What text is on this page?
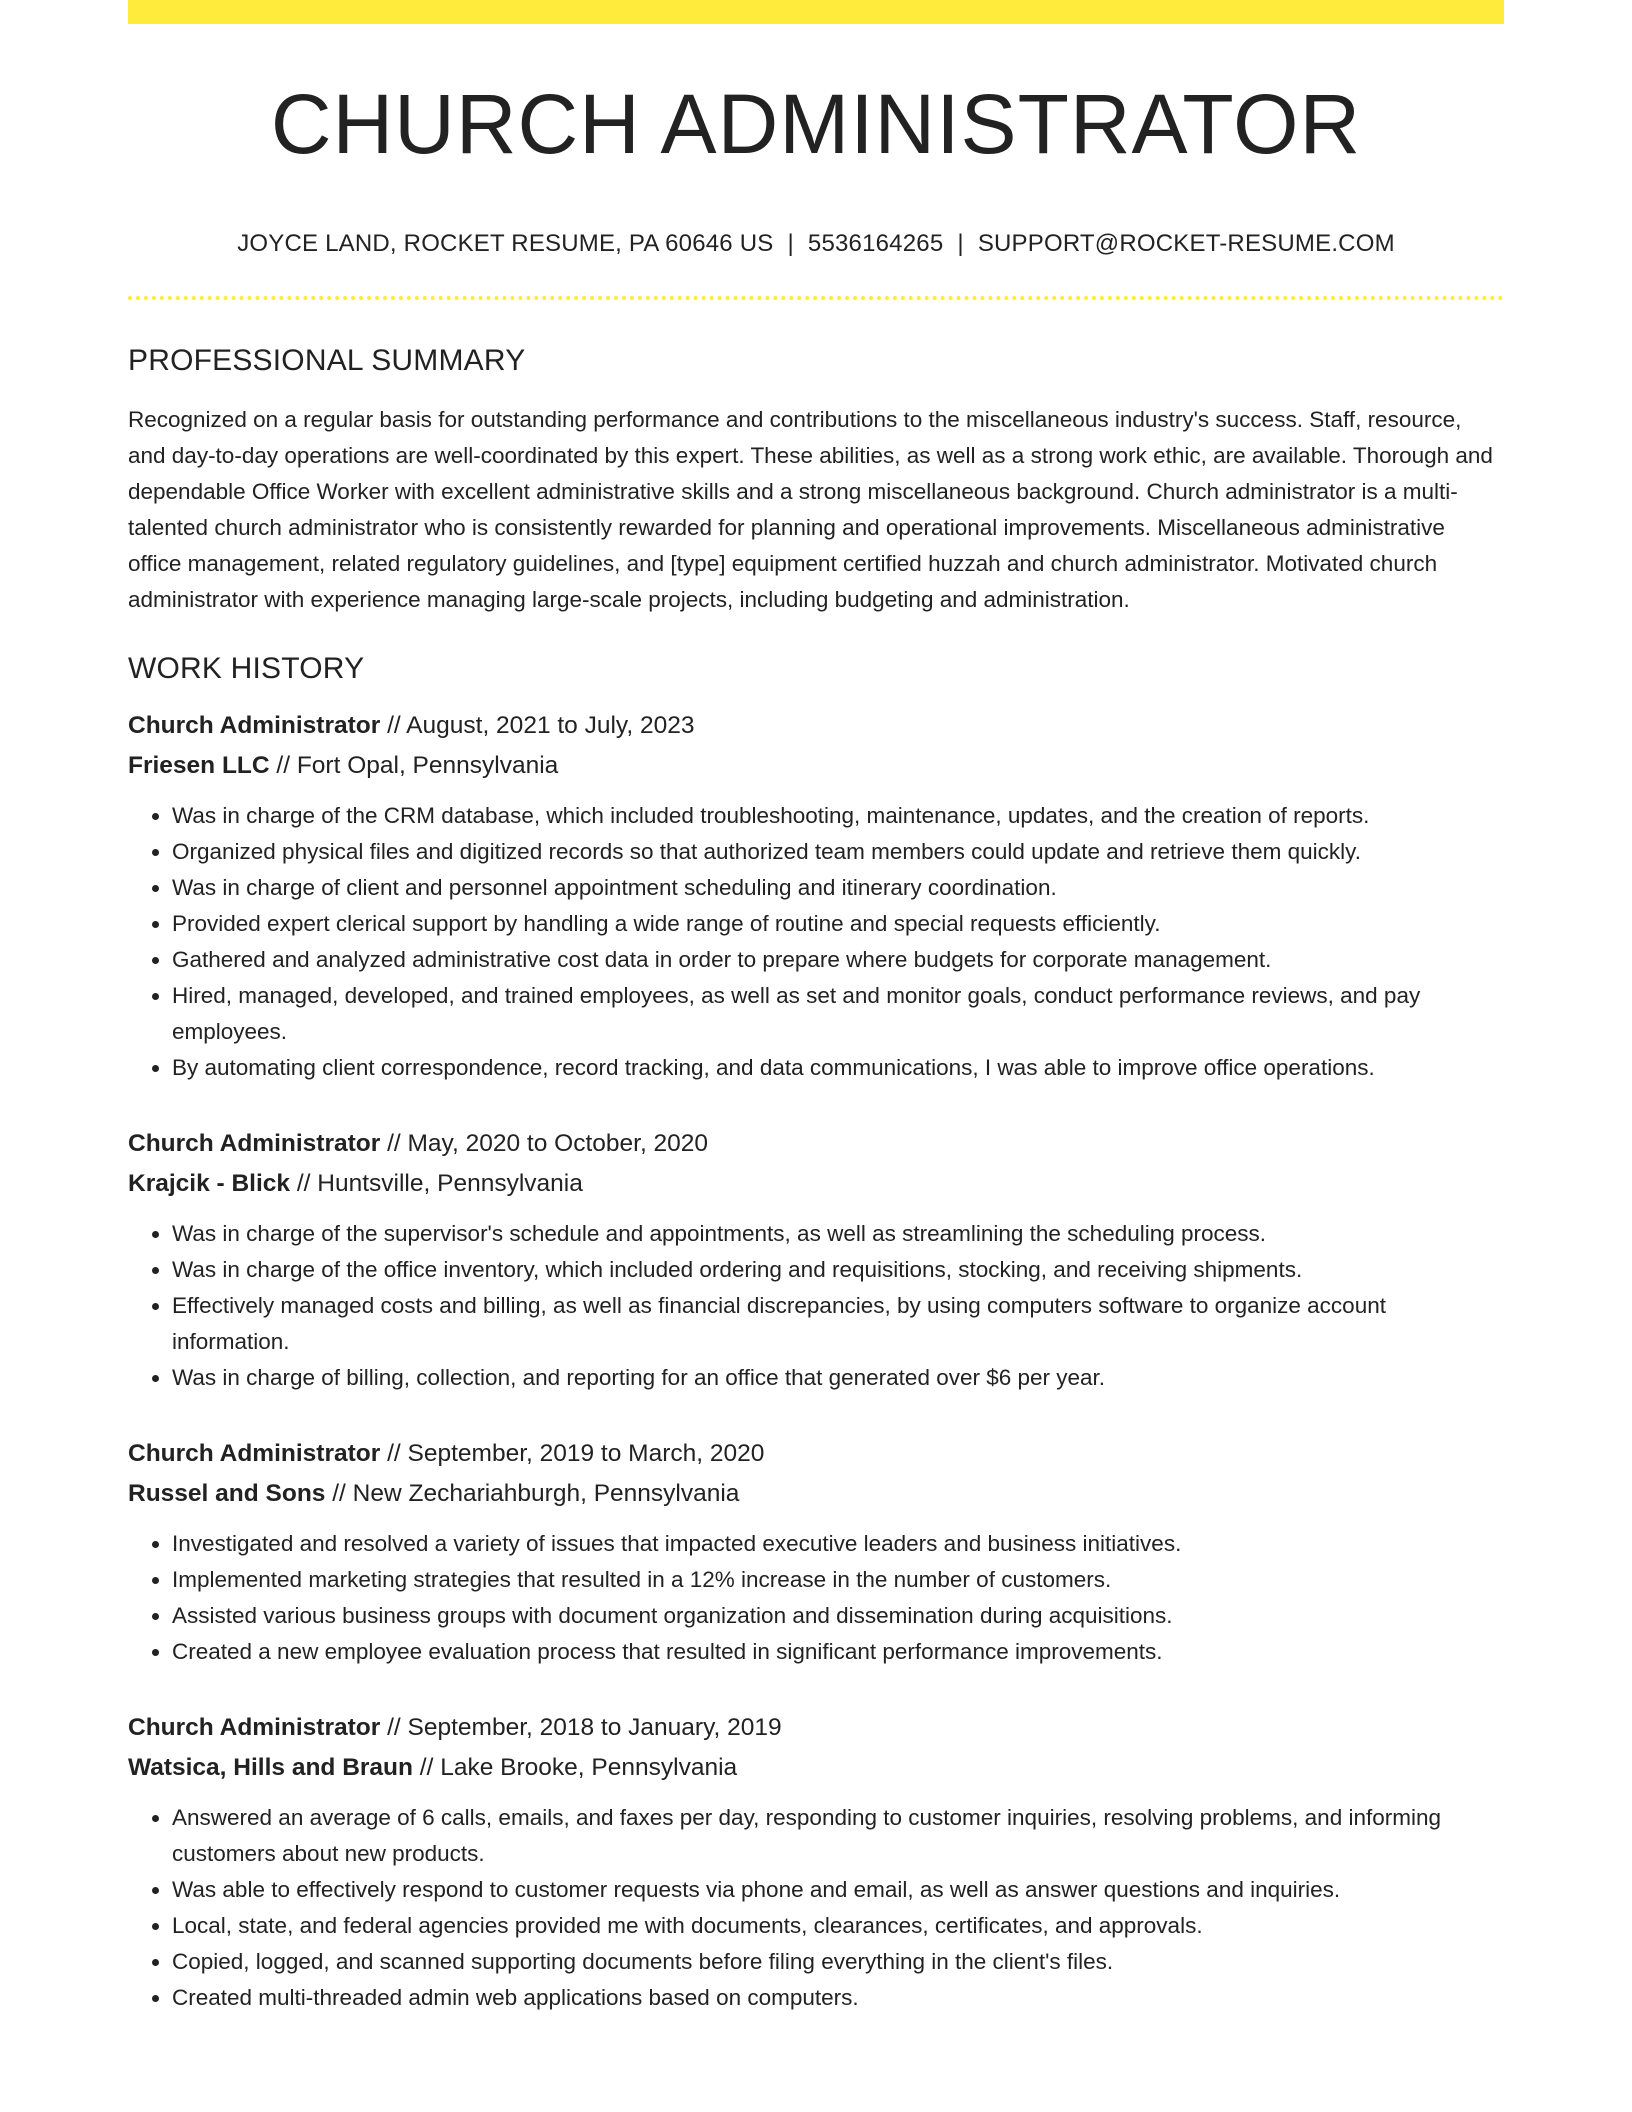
CHURCH ADMINISTRATOR
JOYCE LAND, ROCKET RESUME, PA 60646 US | 5536164265 | SUPPORT@ROCKET-RESUME.COM
PROFESSIONAL SUMMARY

Recognized on a regular basis for outstanding performance and contributions to the miscellaneous industry's success. Staff, resource, and day-to-day operations are well-coordinated by this expert. These abilities, as well as a strong work ethic, are available. Thorough and dependable Office Worker with excellent administrative skills and a strong miscellaneous background. Church administrator is a multi-talented church administrator who is consistently rewarded for planning and operational improvements. Miscellaneous administrative office management, related regulatory guidelines, and [type] equipment certified huzzah and church administrator. Motivated church administrator with experience managing large-scale projects, including budgeting and administration.

WORK HISTORY
Church Administrator // August, 2021 to July, 2023
Friesen LLC // Fort Opal, Pennsylvania
• Was in charge of the CRM database, which included troubleshooting, maintenance, updates, and the creation of reports.
• Organized physical files and digitized records so that authorized team members could update and retrieve them quickly.
• Was in charge of client and personnel appointment scheduling and itinerary coordination.
• Provided expert clerical support by handling a wide range of routine and special requests efficiently.
• Gathered and analyzed administrative cost data in order to prepare where budgets for corporate management.
• Hired, managed, developed, and trained employees, as well as set and monitor goals, conduct performance reviews, and pay employees.
• By automating client correspondence, record tracking, and data communications, I was able to improve office operations.
Church Administrator // May, 2020 to October, 2020
Krajcik - Blick // Huntsville, Pennsylvania
• Was in charge of the supervisor's schedule and appointments, as well as streamlining the scheduling process.
• Was in charge of the office inventory, which included ordering and requisitions, stocking, and receiving shipments.
• Effectively managed costs and billing, as well as financial discrepancies, by using computers software to organize account information.
• Was in charge of billing, collection, and reporting for an office that generated over $6 per year.
Church Administrator // September, 2019 to March, 2020
Russel and Sons // New Zechariahburgh, Pennsylvania
• Investigated and resolved a variety of issues that impacted executive leaders and business initiatives.
• Implemented marketing strategies that resulted in a 12% increase in the number of customers.
• Assisted various business groups with document organization and dissemination during acquisitions.
• Created a new employee evaluation process that resulted in significant performance improvements.
Church Administrator // September, 2018 to January, 2019
Watsica, Hills and Braun // Lake Brooke, Pennsylvania
• Answered an average of 6 calls, emails, and faxes per day, responding to customer inquiries, resolving problems, and informing customers about new products.
• Was able to effectively respond to customer requests via phone and email, as well as answer questions and inquiries.
• Local, state, and federal agencies provided me with documents, clearances, certificates, and approvals.
• Copied, logged, and scanned supporting documents before filing everything in the client's files.
• Created multi-threaded admin web applications based on computers.
